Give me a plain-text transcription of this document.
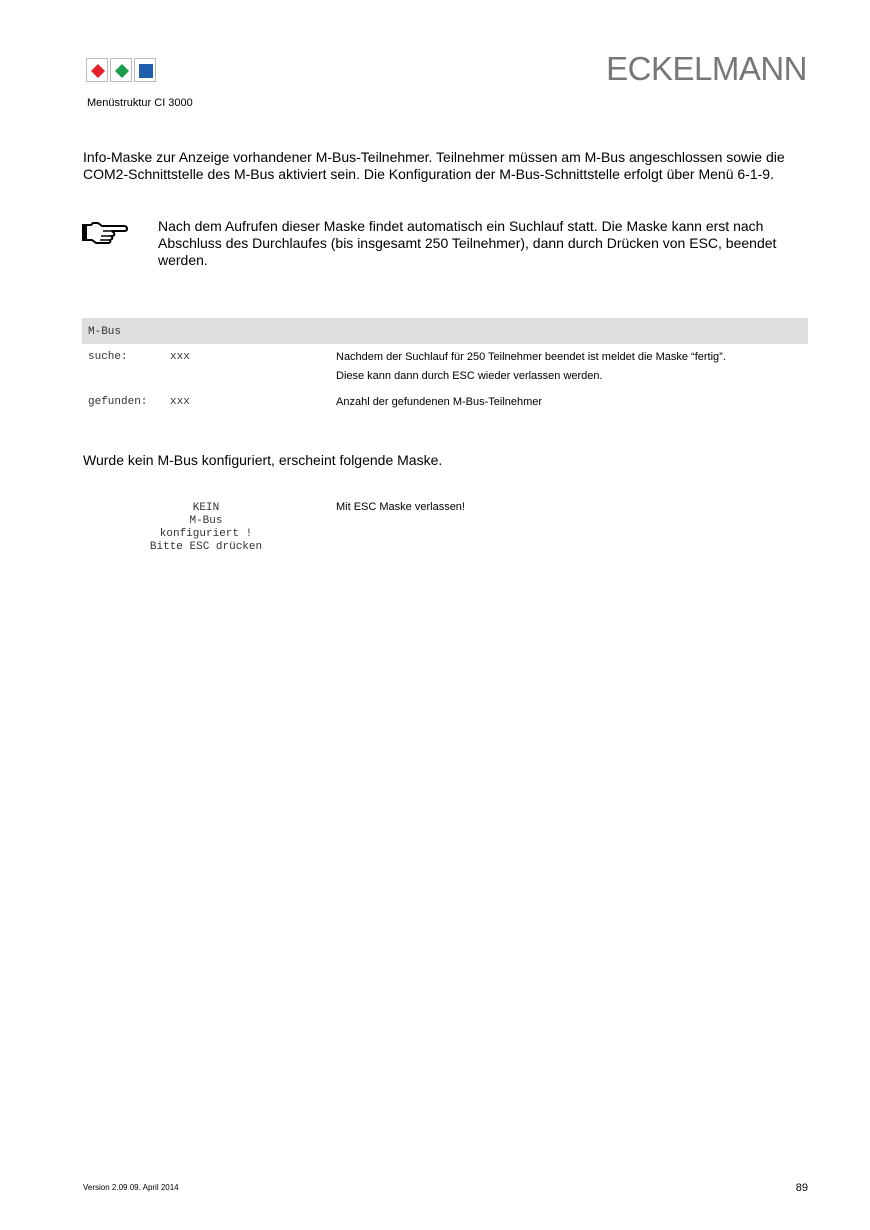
Menüstruktur CI 3000
ECKELMANN
Info-Maske zur Anzeige vorhandener M-Bus-Teilnehmer. Teilnehmer müssen am M-Bus angeschlossen sowie die COM2-Schnittstelle des M-Bus aktiviert sein. Die Konfiguration der M-Bus-Schnittstelle erfolgt über Menü 6-1-9.
Nach dem Aufrufen dieser Maske findet automatisch ein Suchlauf statt. Die Maske kann erst nach Abschluss des Durchlaufes (bis insgesamt 250 Teilnehmer), dann durch Drücken von ESC, beendet werden.
M-Bus
suche:	xxx	Nachdem der Suchlauf für 250 Teilnehmer beendet ist meldet die Maske “fertig”.
Diese kann dann durch ESC wieder verlassen werden.
gefunden: xxx	Anzahl der gefundenen M-Bus-Teilnehmer
Wurde kein M-Bus konfiguriert, erscheint folgende Maske.
KEIN
M-Bus
konfiguriert !
Bitte ESC drücken
Mit ESC Maske verlassen!
Version 2.09 09. April 2014	89
